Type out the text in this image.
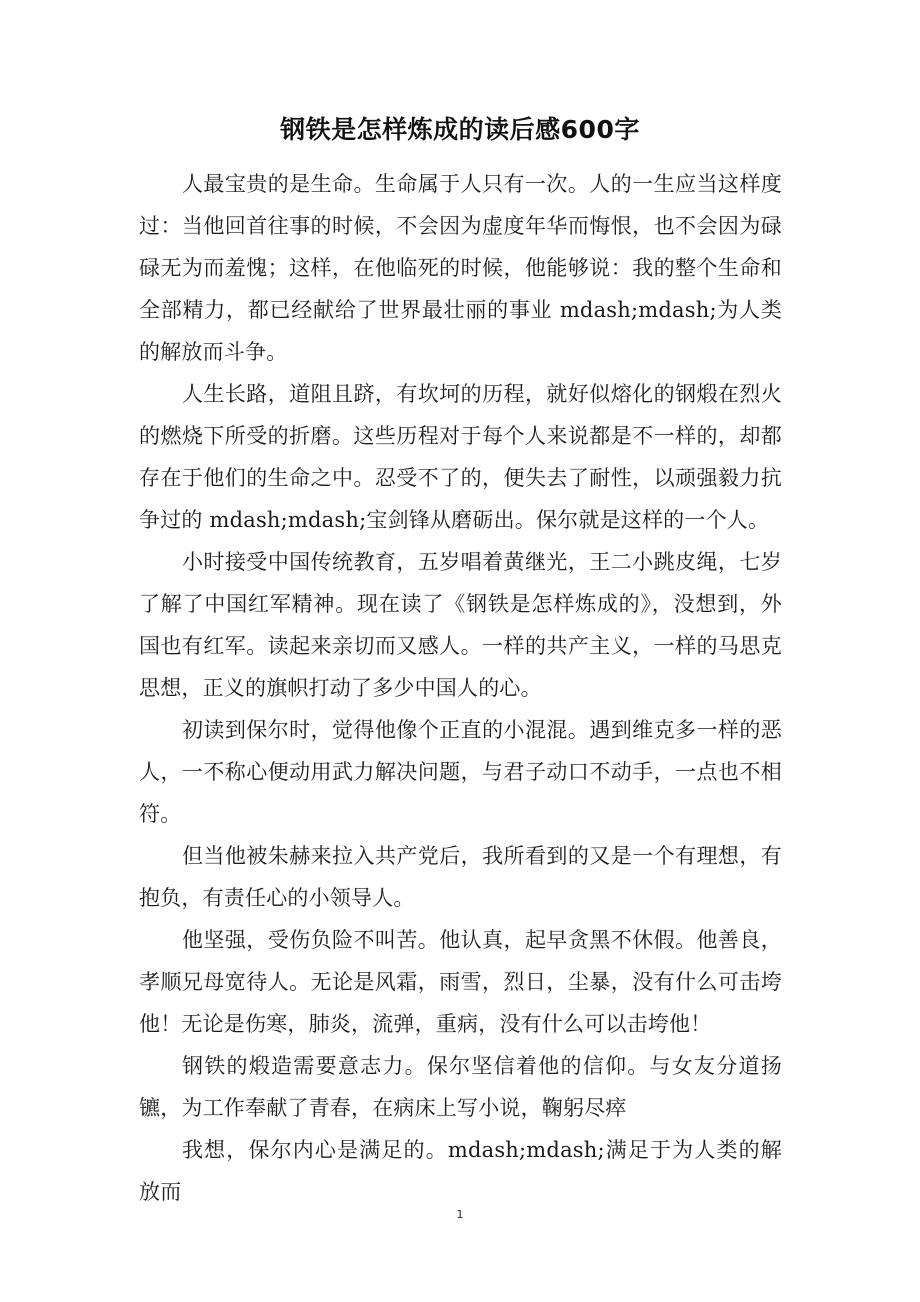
钢铁是怎样炼成的读后感600字

人最宝贵的是生命。生命属于人只有一次。人的一生应当这样度过：当他回首往事的时候，不会因为虚度年华而悔恨，也不会因为碌碌无为而羞愧；这样，在他临死的时候，他能够说：我的整个生命和全部精力，都已经献给了世界最壮丽的事业 mdash;mdash;为人类的解放而斗争。

人生长路，道阻且跻，有坎坷的历程，就好似熔化的钢煅在烈火的燃烧下所受的折磨。这些历程对于每个人来说都是不一样的，却都存在于他们的生命之中。忍受不了的，便失去了耐性，以顽强毅力抗争过的 mdash;mdash;宝剑锋从磨砺出。保尔就是这样的一个人。

小时接受中国传统教育，五岁唱着黄继光，王二小跳皮绳，七岁了解了中国红军精神。现在读了《钢铁是怎样炼成的》，没想到，外国也有红军。读起来亲切而又感人。一样的共产主义，一样的马思克思想，正义的旗帜打动了多少中国人的心。

初读到保尔时，觉得他像个正直的小混混。遇到维克多一样的恶人，一不称心便动用武力解决问题，与君子动口不动手，一点也不相符。

但当他被朱赫来拉入共产党后，我所看到的又是一个有理想，有抱负，有责任心的小领导人。

他坚强，受伤负险不叫苦。他认真，起早贪黑不休假。他善良，孝顺兄母宽待人。无论是风霜，雨雪，烈日，尘暴，没有什么可击垮他！无论是伤寒，肺炎，流弹，重病，没有什么可以击垮他！

钢铁的煅造需要意志力。保尔坚信着他的信仰。与女友分道扬镳，为工作奉献了青春，在病床上写小说，鞠躬尽瘁

我想，保尔内心是满足的。mdash;mdash;满足于为人类的解放而

1
